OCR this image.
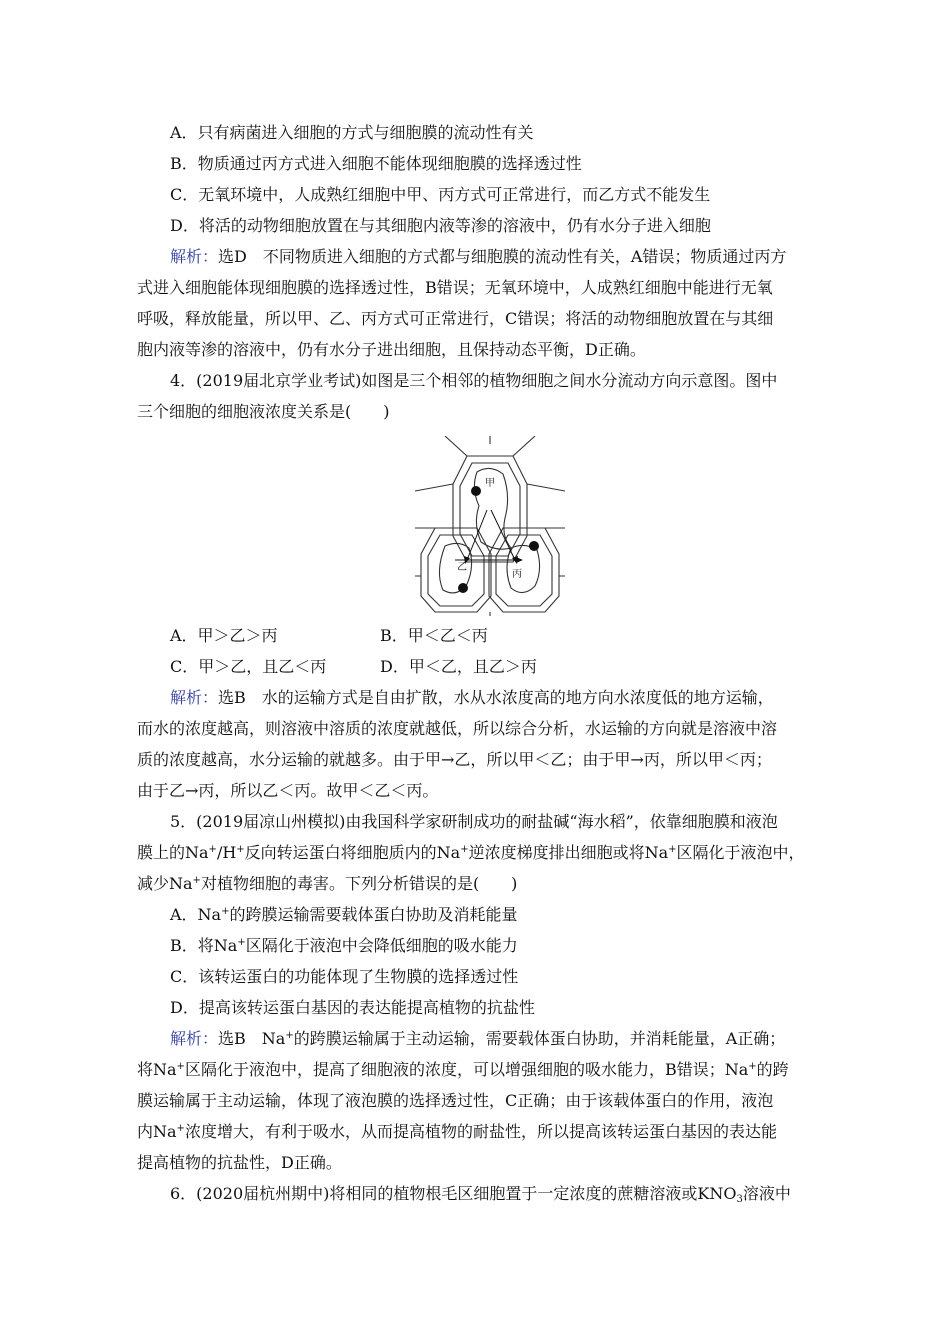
A．只有病菌进入细胞的方式与细胞膜的流动性有关
B．物质通过丙方式进入细胞不能体现细胞膜的选择透过性
C．无氧环境中，人成熟红细胞中甲、丙方式可正常进行，而乙方式不能发生
D．将活的动物细胞放置在与其细胞内液等渗的溶液中，仍有水分子进入细胞
解析：选D　不同物质进入细胞的方式都与细胞膜的流动性有关，A错误；物质通过丙方
式进入细胞能体现细胞膜的选择透过性，B错误；无氧环境中，人成熟红细胞中能进行无氧
呼吸，释放能量，所以甲、乙、丙方式可正常进行，C错误；将活的动物细胞放置在与其细
胞内液等渗的溶液中，仍有水分子进出细胞，且保持动态平衡，D正确。
4．(2019届北京学业考试)如图是三个相邻的植物细胞之间水分流动方向示意图。图中
三个细胞的细胞液浓度关系是(　　)
甲
乙
丙
A．甲＞乙＞丙	B．甲＜乙＜丙
C．甲＞乙，且乙＜丙	D．甲＜乙，且乙＞丙
解析：选B　水的运输方式是自由扩散，水从水浓度高的地方向水浓度低的地方运输，
而水的浓度越高，则溶液中溶质的浓度就越低，所以综合分析，水运输的方向就是溶液中溶
质的浓度越高，水分运输的就越多。由于甲→乙，所以甲＜乙；由于甲→丙，所以甲＜丙；
由于乙→丙，所以乙＜丙。故甲＜乙＜丙。
5．(2019届凉山州模拟)由我国科学家研制成功的耐盐碱“海水稻”，依靠细胞膜和液泡
膜上的Na+/H+反向转运蛋白将细胞质内的Na+逆浓度梯度排出细胞或将Na+区隔化于液泡中，
减少Na+对植物细胞的毒害。下列分析错误的是(　　)
A．Na+的跨膜运输需要载体蛋白协助及消耗能量
B．将Na+区隔化于液泡中会降低细胞的吸水能力
C．该转运蛋白的功能体现了生物膜的选择透过性
D．提高该转运蛋白基因的表达能提高植物的抗盐性
解析：选B　Na+的跨膜运输属于主动运输，需要载体蛋白协助，并消耗能量，A正确；
将Na+区隔化于液泡中，提高了细胞液的浓度，可以增强细胞的吸水能力，B错误；Na+的跨
膜运输属于主动运输，体现了液泡膜的选择透过性，C正确；由于该载体蛋白的作用，液泡
内Na+浓度增大，有利于吸水，从而提高植物的耐盐性，所以提高该转运蛋白基因的表达能
提高植物的抗盐性，D正确。
6．(2020届杭州期中)将相同的植物根毛区细胞置于一定浓度的蔗糖溶液或$KNO_3$溶液中
